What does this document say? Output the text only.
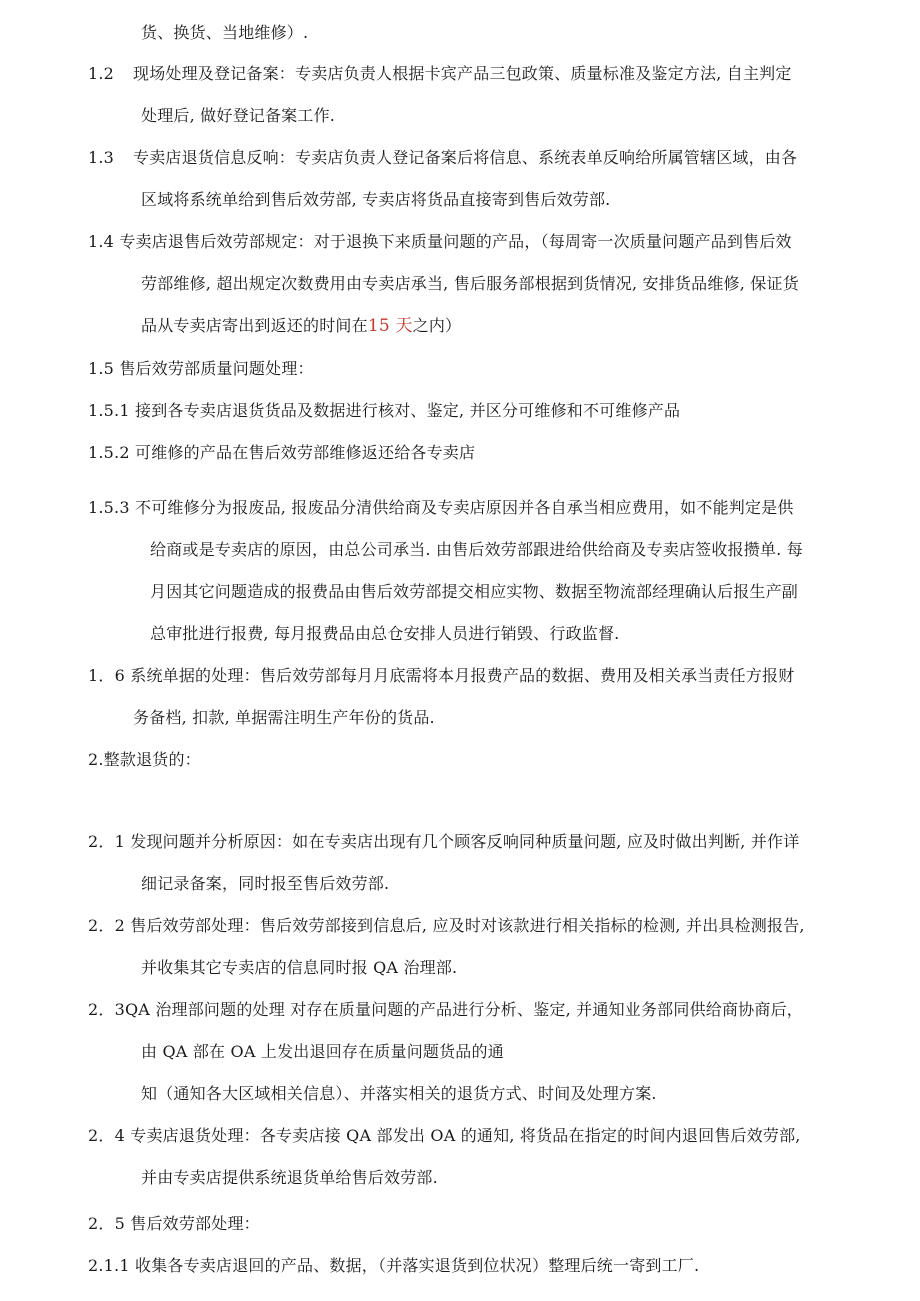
货、换货、当地维修）.
1.2 现场处理及登记备案：专卖店负责人根据卡宾产品三包政策、质量标准及鉴定方法, 自主判定
处理后, 做好登记备案工作.
1.3 专卖店退货信息反响：专卖店负责人登记备案后将信息、系统表单反响给所属管辖区域，由各
区域将系统单给到售后效劳部, 专卖店将货品直接寄到售后效劳部.
1.4 专卖店退售后效劳部规定：对于退换下来质量问题的产品，（每周寄一次质量问题产品到售后效
劳部维修, 超出规定次数费用由专卖店承当, 售后服务部根据到货情况, 安排货品维修, 保证货
品从专卖店寄出到返还的时间在15 天之内）
1.5 售后效劳部质量问题处理：
1.5.1 接到各专卖店退货货品及数据进行核对、鉴定, 并区分可维修和不可维修产品
1.5.2 可维修的产品在售后效劳部维修返还给各专卖店
1.5.3 不可维修分为报废品, 报废品分清供给商及专卖店原因并各自承当相应费用，如不能判定是供
给商或是专卖店的原因，由总公司承当. 由售后效劳部跟进给供给商及专卖店签收报攒单. 每
月因其它问题造成的报费品由售后效劳部提交相应实物、数据至物流部经理确认后报生产副
总审批进行报费, 每月报费品由总仓安排人员进行销毁、行政监督.
1．6 系统单据的处理：售后效劳部每月月底需将本月报费产品的数据、费用及相关承当责任方报财
务备档, 扣款, 单据需注明生产年份的货品.
2.整款退货的：
2．1 发现问题并分析原因：如在专卖店出现有几个顾客反响同种质量问题, 应及时做出判断, 并作详
细记录备案，同时报至售后效劳部.
2．2 售后效劳部处理：售后效劳部接到信息后, 应及时对该款进行相关指标的检测, 并出具检测报告,
并收集其它专卖店的信息同时报 QA 治理部.
2．3QA 治理部问题的处理 对存在质量问题的产品进行分析、鉴定, 并通知业务部同供给商协商后，
由 QA 部在 OA 上发出退回存在质量问题货品的通
知（通知各大区域相关信息）、并落实相关的退货方式、时间及处理方案.
2．4 专卖店退货处理：各专卖店接 QA 部发出 OA 的通知, 将货品在指定的时间内退回售后效劳部,
并由专卖店提供系统退货单给售后效劳部.
2．5 售后效劳部处理：
2.1.1 收集各专卖店退回的产品、数据，（并落实退货到位状况）整理后统一寄到工厂.
